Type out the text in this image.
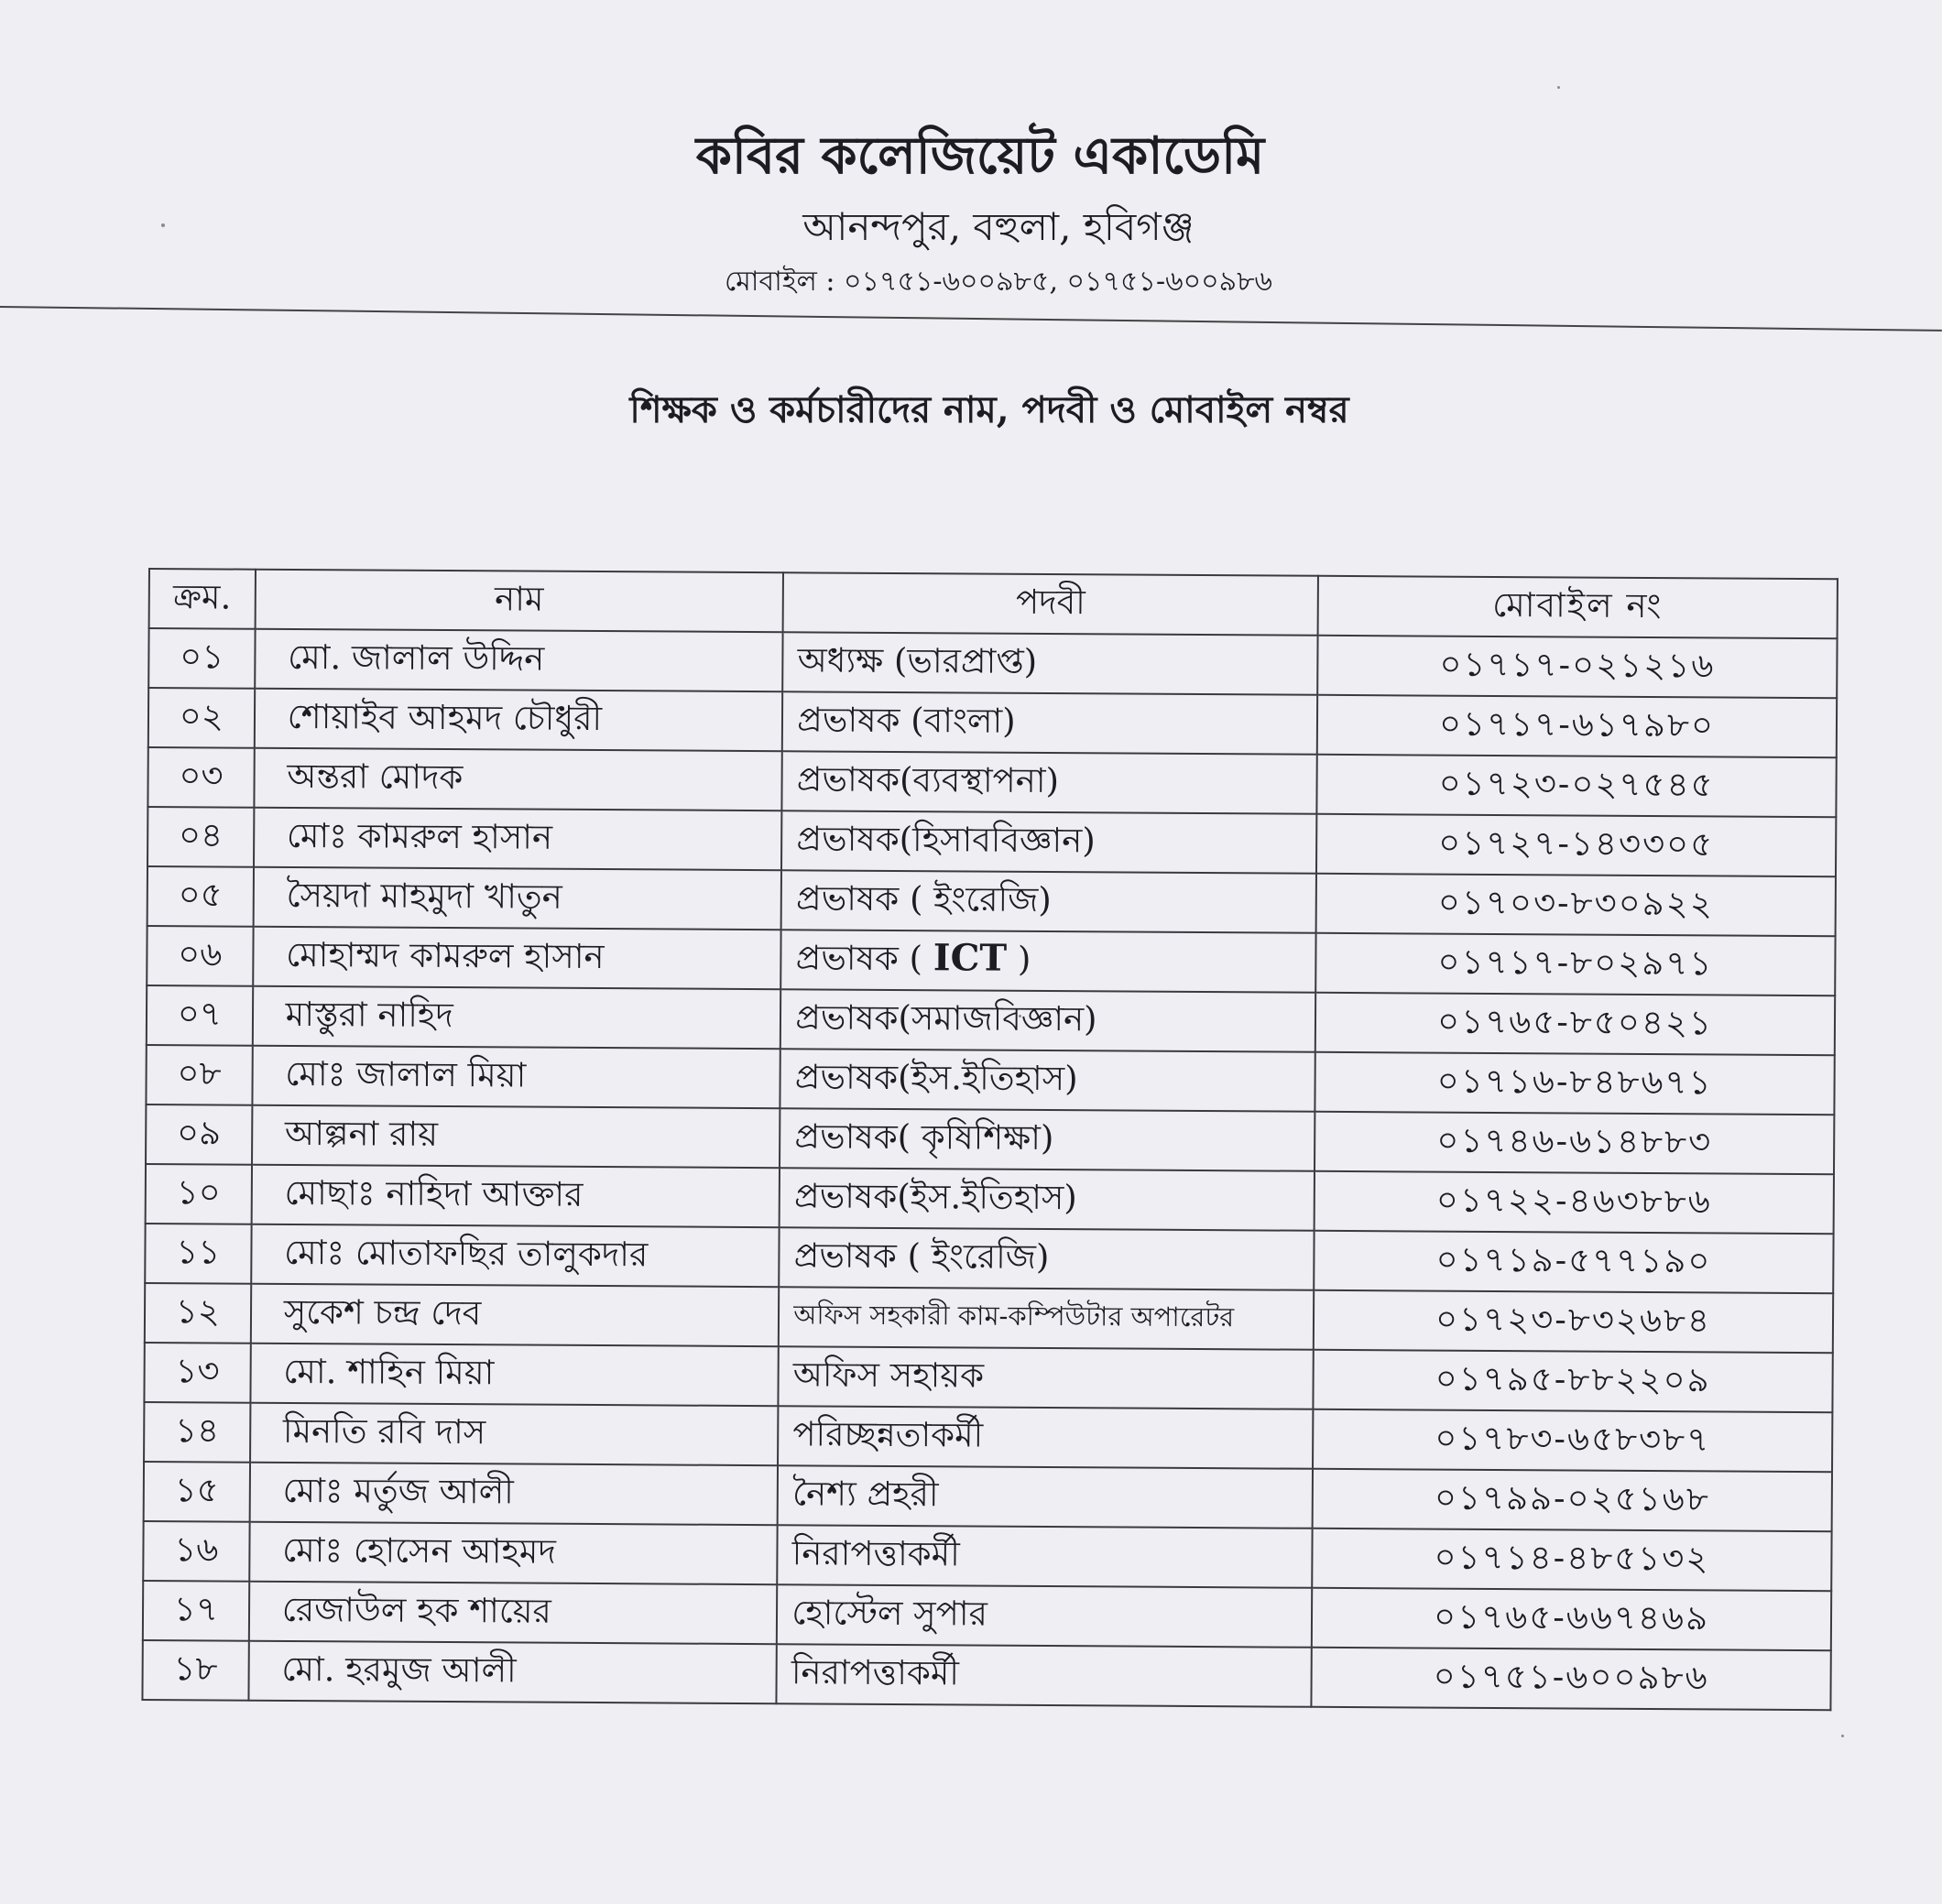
কবির কলেজিয়েট একাডেমি
আনন্দপুর, বহুলা, হবিগঞ্জ
মোবাইল : ০১৭৫১-৬০০৯৮৫, ০১৭৫১-৬০০৯৮৬
শিক্ষক ও কর্মচারীদের নাম, পদবী ও মোবাইল নম্বর
ক্রম.	নাম	পদবী	মোবাইল নং
০১	মো. জালাল উদ্দিন	অধ্যক্ষ (ভারপ্রাপ্ত)	০১৭১৭-০২১২১৬
০২	শোয়াইব আহমদ চৌধুরী	প্রভাষক (বাংলা)	০১৭১৭-৬১৭৯৮০
০৩	অন্তরা মোদক	প্রভাষক(ব্যবস্থাপনা)	০১৭২৩-০২৭৫৪৫
০৪	মোঃ কামরুল হাসান	প্রভাষক(হিসাববিজ্ঞান)	০১৭২৭-১৪৩৩০৫
০৫	সৈয়দা মাহমুদা খাতুন	প্রভাষক ( ইংরেজি)	০১৭০৩-৮৩০৯২২
০৬	মোহাম্মদ কামরুল হাসান	প্রভাষক ( ICT )	০১৭১৭-৮০২৯৭১
০৭	মাস্তুরা নাহিদ	প্রভাষক(সমাজবিজ্ঞান)	০১৭৬৫-৮৫০৪২১
০৮	মোঃ জালাল মিয়া	প্রভাষক(ইস.ইতিহাস)	০১৭১৬-৮৪৮৬৭১
০৯	আল্পনা রায়	প্রভাষক( কৃষিশিক্ষা)	০১৭৪৬-৬১৪৮৮৩
১০	মোছাঃ নাহিদা আক্তার	প্রভাষক(ইস.ইতিহাস)	০১৭২২-৪৬৩৮৮৬
১১	মোঃ মোতাফছির তালুকদার	প্রভাষক ( ইংরেজি)	০১৭১৯-৫৭৭১৯০
১২	সুকেশ চন্দ্র দেব	অফিস সহকারী কাম-কম্পিউটার অপারেটর	০১৭২৩-৮৩২৬৮৪
১৩	মো. শাহিন মিয়া	অফিস সহায়ক	০১৭৯৫-৮৮২২০৯
১৪	মিনতি রবি দাস	পরিচ্ছন্নতাকর্মী	০১৭৮৩-৬৫৮৩৮৭
১৫	মোঃ মর্তুজ আলী	নৈশ্য প্রহরী	০১৭৯৯-০২৫১৬৮
১৬	মোঃ হোসেন আহমদ	নিরাপত্তাকর্মী	০১৭১৪-৪৮৫১৩২
১৭	রেজাউল হক শায়ের	হোস্টেল সুপার	০১৭৬৫-৬৬৭৪৬৯
১৮	মো. হরমুজ আলী	নিরাপত্তাকর্মী	০১৭৫১-৬০০৯৮৬
